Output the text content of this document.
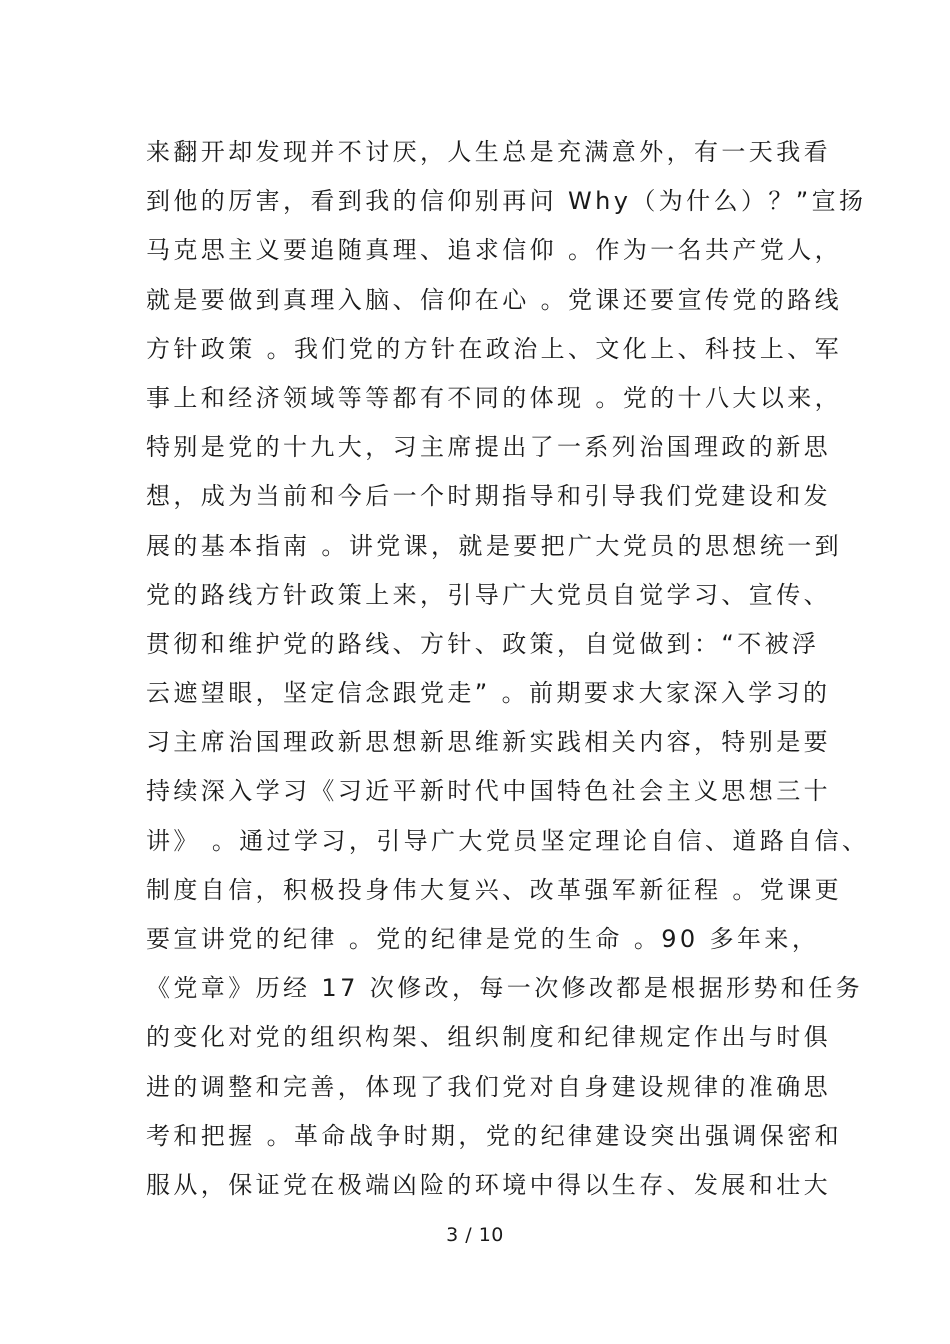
来翻开却发现并不讨厌，人生总是充满意外，有一天我看
到他的厉害，看到我的信仰别再问 Why（为什么）？”宣扬
马克思主义要追随真理、追求信仰 。作为一名共产党人，
就是要做到真理入脑、信仰在心 。党课还要宣传党的路线
方针政策 。我们党的方针在政治上、文化上、科技上、军
事上和经济领域等等都有不同的体现 。党的十八大以来，
特别是党的十九大，习主席提出了一系列治国理政的新思
想，成为当前和今后一个时期指导和引导我们党建设和发
展的基本指南 。讲党课，就是要把广大党员的思想统一到
党的路线方针政策上来，引导广大党员自觉学习、宣传、
贯彻和维护党的路线、方针、政策，自觉做到：“不被浮
云遮望眼，坚定信念跟党走” 。前期要求大家深入学习的
习主席治国理政新思想新思维新实践相关内容，特别是要
持续深入学习《习近平新时代中国特色社会主义思想三十
讲》 。通过学习，引导广大党员坚定理论自信、道路自信、
制度自信，积极投身伟大复兴、改革强军新征程 。党课更
要宣讲党的纪律 。党的纪律是党的生命 。90 多年来，
《党章》历经 17 次修改，每一次修改都是根据形势和任务
的变化对党的组织构架、组织制度和纪律规定作出与时俱
进的调整和完善，体现了我们党对自身建设规律的准确思
考和把握 。革命战争时期，党的纪律建设突出强调保密和
服从，保证党在极端凶险的环境中得以生存、发展和壮大
3 / 10
